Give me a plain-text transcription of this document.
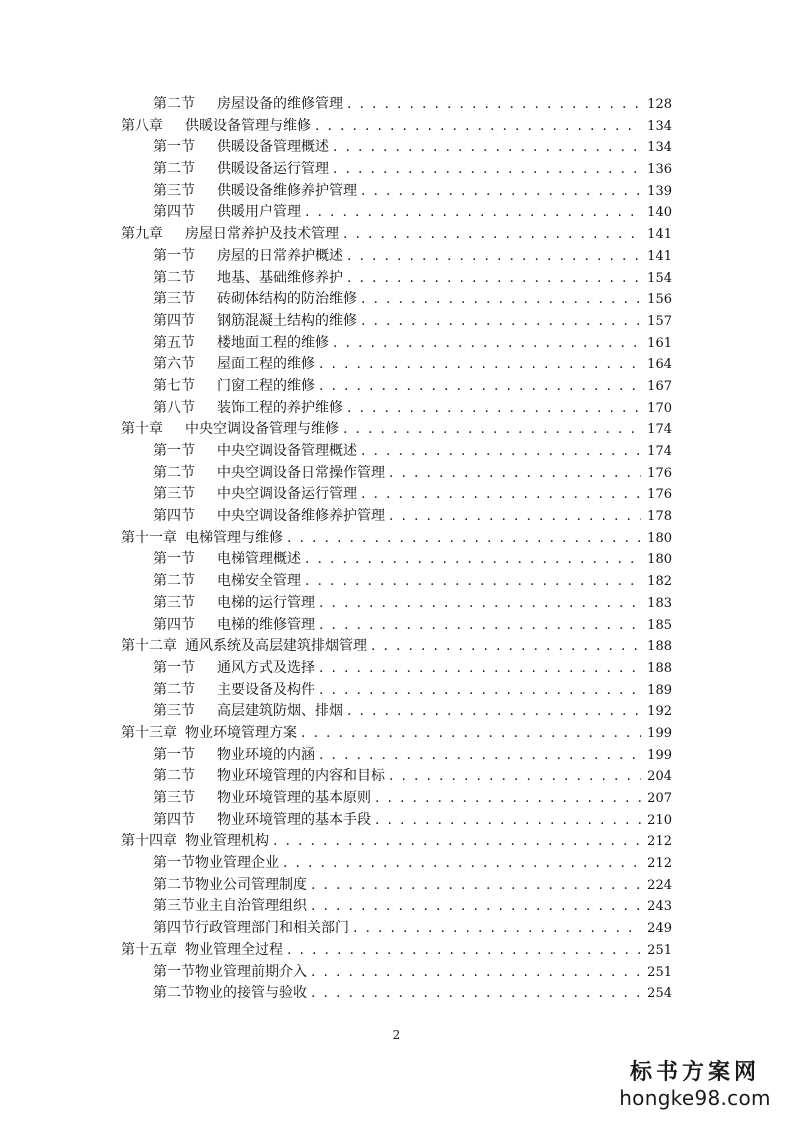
第二节	房屋设备的维修管理 . . .	128
第八章	供暖设备管理与维修 . . .	134
第一节	供暖设备管理概述 . . .	134
第二节	供暖设备运行管理 . . .	136
第三节	供暖设备维修养护管理 . . .	139
第四节	供暖用户管理 . . .	140
第九章	房屋日常养护及技术管理 . . .	141
第一节	房屋的日常养护概述 . . .	141
第二节	地基、基础维修养护 . . .	154
第三节	砖砌体结构的防治维修 . . .	156
第四节	钢筋混凝土结构的维修 . . .	157
第五节	楼地面工程的维修 . . .	161
第六节	屋面工程的维修 . . .	164
第七节	门窗工程的维修 . . .	167
第八节	装饰工程的养护维修 . . .	170
第十章	中央空调设备管理与维修 . . .	174
第一节	中央空调设备管理概述 . . .	174
第二节	中央空调设备日常操作管理 . . .	176
第三节	中央空调设备运行管理 . . .	176
第四节	中央空调设备维修养护管理 . . .	178
第十一章 电梯管理与维修 . . .	180
第一节	电梯管理概述 . . .	180
第二节	电梯安全管理 . . .	182
第三节	电梯的运行管理 . . .	183
第四节	电梯的维修管理 . . .	185
第十二章 通风系统及高层建筑排烟管理 . . .	188
第一节	通风方式及选择 . . .	188
第二节	主要设备及构件 . . .	189
第三节	高层建筑防烟、排烟 . . .	192
第十三章 物业环境管理方案 . . .	199
第一节	物业环境的内涵 . . .	199
第二节	物业环境管理的内容和目标 . . .	204
第三节	物业环境管理的基本原则 . . .	207
第四节	物业环境管理的基本手段 . . .	210
第十四章 物业管理机构 . . .	212
第一节物业管理企业 . . .	212
第二节物业公司管理制度 . . .	224
第三节业主自治管理组织 . . .	243
第四节行政管理部门和相关部门 . . .	249
第十五章 物业管理全过程 . . .	251
第一节物业管理前期介入 . . .	251
第二节物业的接管与验收 . . .	254
2
标书方案网
hongke98.com
